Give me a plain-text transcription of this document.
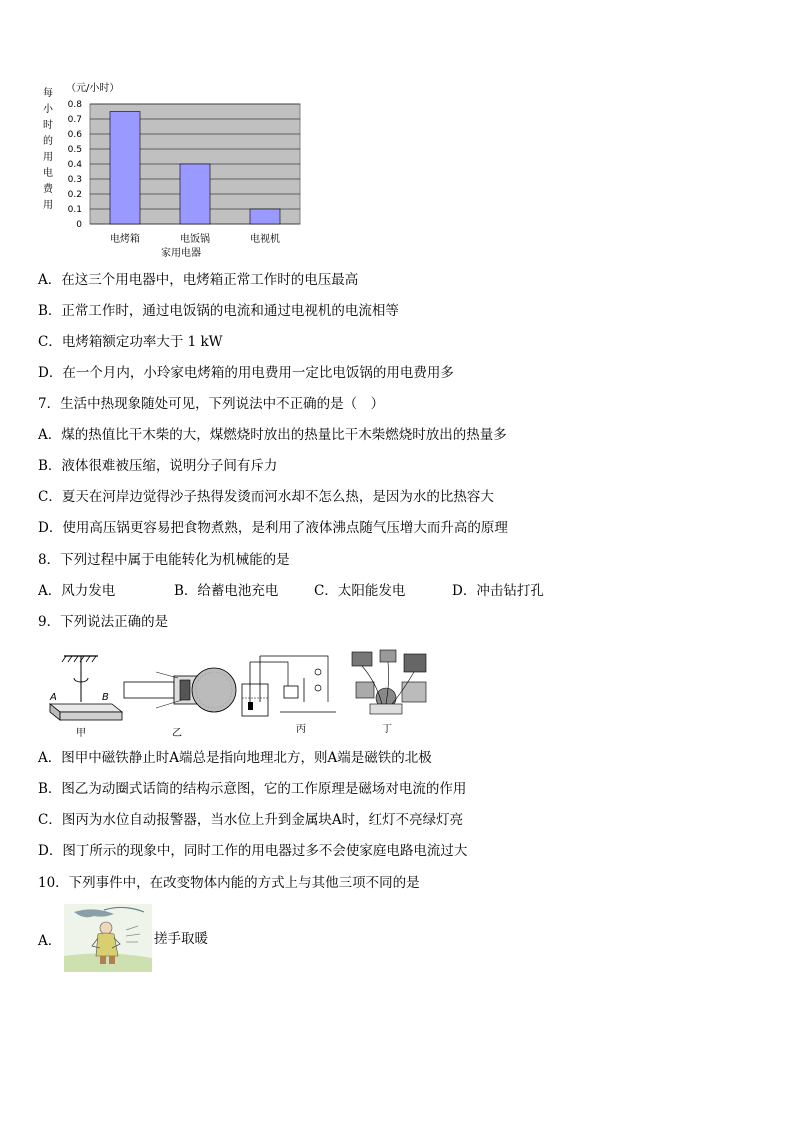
（元/小时）
每
小
时
的
用
电
费
用
0.8
0.7
0.6
0.5
0.4
0.3
0.2
0.1
0
电烤箱	电饭锅	电视机
家用电器
A．在这三个用电器中，电烤箱正常工作时的电压最高
B．正常工作时，通过电饭锅的电流和通过电视机的电流相等
C．电烤箱额定功率大于 1 kW
D．在一个月内，小玲家电烤箱的用电费用一定比电饭锅的用电费用多
7．生活中热现象随处可见，下列说法中不正确的是（　）
A．煤的热值比干木柴的大，煤燃烧时放出的热量比干木柴燃烧时放出的热量多
B．液体很难被压缩，说明分子间有斥力
C．夏天在河岸边觉得沙子热得发烫而河水却不怎么热，是因为水的比热容大
D．使用高压锅更容易把食物煮熟，是利用了液体沸点随气压增大而升高的原理
8．下列过程中属于电能转化为机械能的是
A．风力发电	B．给蓄电池充电	C．太阳能发电	D．冲击钻打孔
9．下列说法正确的是
A	B
甲	乙	丙	丁
A．图甲中磁铁静止时A端总是指向地理北方，则A端是磁铁的北极
B．图乙为动圈式话筒的结构示意图，它的工作原理是磁场对电流的作用
C．图丙为水位自动报警器，当水位上升到金属块A时，红灯不亮绿灯亮
D．图丁所示的现象中，同时工作的用电器过多不会使家庭电路电流过大
10．下列事件中，在改变物体内能的方式上与其他三项不同的是
A．	搓手取暖
